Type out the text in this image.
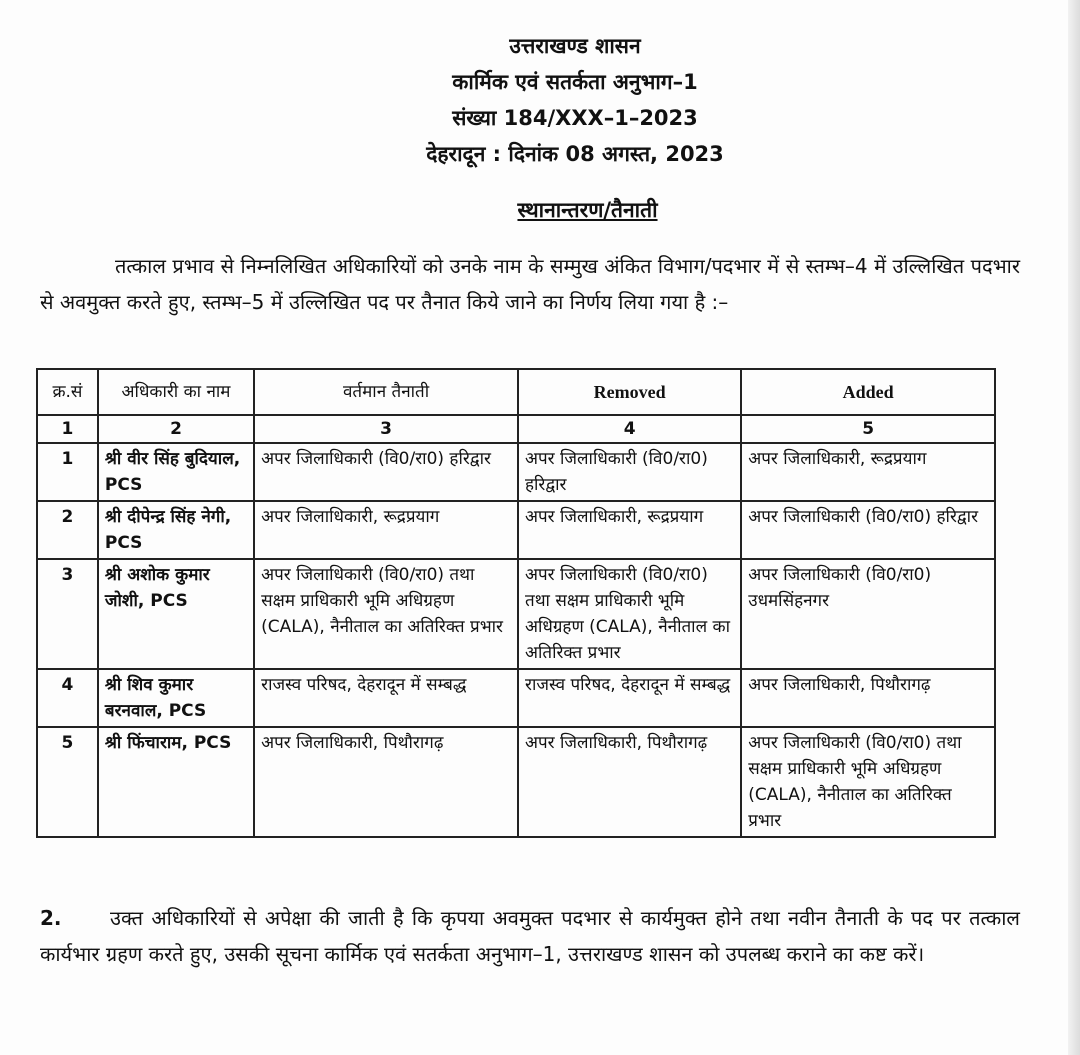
उत्तराखण्ड शासन
कार्मिक एवं सतर्कता अनुभाग–1
संख्या 184/XXX–1–2023
देहरादून : दिनांक 08 अगस्त, 2023
स्थानान्तरण/तैनाती
तत्काल प्रभाव से निम्नलिखित अधिकारियों को उनके नाम के सम्मुख अंकित विभाग/पदभार में से स्तम्भ–4 में उल्लिखित पदभार से अवमुक्त करते हुए, स्तम्भ–5 में उल्लिखित पद पर तैनात किये जाने का निर्णय लिया गया है :–
क्र.सं	अधिकारी का नाम	वर्तमान तैनाती	Removed	Added
1	2	3	4	5
1	श्री वीर सिंह बुदियाल, PCS	अपर जिलाधिकारी (वि0/रा0) हरिद्वार	अपर जिलाधिकारी (वि0/रा0) हरिद्वार	अपर जिलाधिकारी, रूद्रप्रयाग
2	श्री दीपेन्द्र सिंह नेगी, PCS	अपर जिलाधिकारी, रूद्रप्रयाग	अपर जिलाधिकारी, रूद्रप्रयाग	अपर जिलाधिकारी (वि0/रा0) हरिद्वार
3	श्री अशोक कुमार जोशी, PCS	अपर जिलाधिकारी (वि0/रा0) तथा सक्षम प्राधिकारी भूमि अधिग्रहण (CALA), नैनीताल का अतिरिक्त प्रभार	अपर जिलाधिकारी (वि0/रा0) तथा सक्षम प्राधिकारी भूमि अधिग्रहण (CALA), नैनीताल का अतिरिक्त प्रभार	अपर जिलाधिकारी (वि0/रा0) उधमसिंहनगर
4	श्री शिव कुमार बरनवाल, PCS	राजस्व परिषद, देहरादून में सम्बद्ध	राजस्व परिषद, देहरादून में सम्बद्ध	अपर जिलाधिकारी, पिथौरागढ़
5	श्री फिंचाराम, PCS	अपर जिलाधिकारी, पिथौरागढ़	अपर जिलाधिकारी, पिथौरागढ़	अपर जिलाधिकारी (वि0/रा0) तथा सक्षम प्राधिकारी भूमि अधिग्रहण (CALA), नैनीताल का अतिरिक्त प्रभार
2. उक्त अधिकारियों से अपेक्षा की जाती है कि कृपया अवमुक्त पदभार से कार्यमुक्त होने तथा नवीन तैनाती के पद पर तत्काल कार्यभार ग्रहण करते हुए, उसकी सूचना कार्मिक एवं सतर्कता अनुभाग–1, उत्तराखण्ड शासन को उपलब्ध कराने का कष्ट करें।
